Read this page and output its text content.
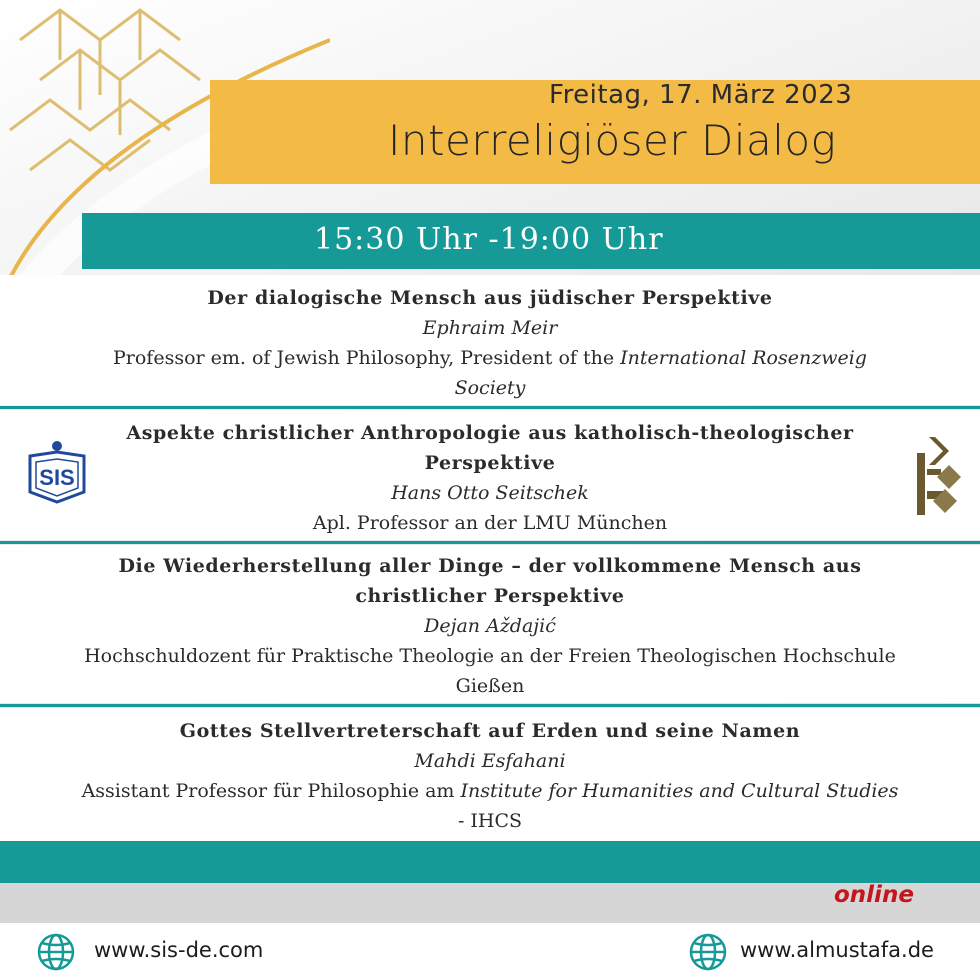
Freitag, 17. März 2023
Interreligiöser Dialog
15:30 Uhr -19:00 Uhr
Der dialogische Mensch aus jüdischer Perspektive
Ephraim Meir
Professor em. of Jewish Philosophy, President of the International Rosenzweig Society
Aspekte christlicher Anthropologie aus katholisch-theologischer Perspektive
Hans Otto Seitschek
Apl. Professor an der LMU München
Die Wiederherstellung aller Dinge – der vollkommene Mensch aus christlicher Perspektive
Dejan Aždajić
Hochschuldozent für Praktische Theologie an der Freien Theologischen Hochschule Gießen
Gottes Stellvertreterschaft auf Erden und seine Namen
Mahdi Esfahani
Assistant Professor für Philosophie am Institute for Humanities and Cultural Studies - IHCS
SIS
online
www.sis-de.com	www.almustafa.de
